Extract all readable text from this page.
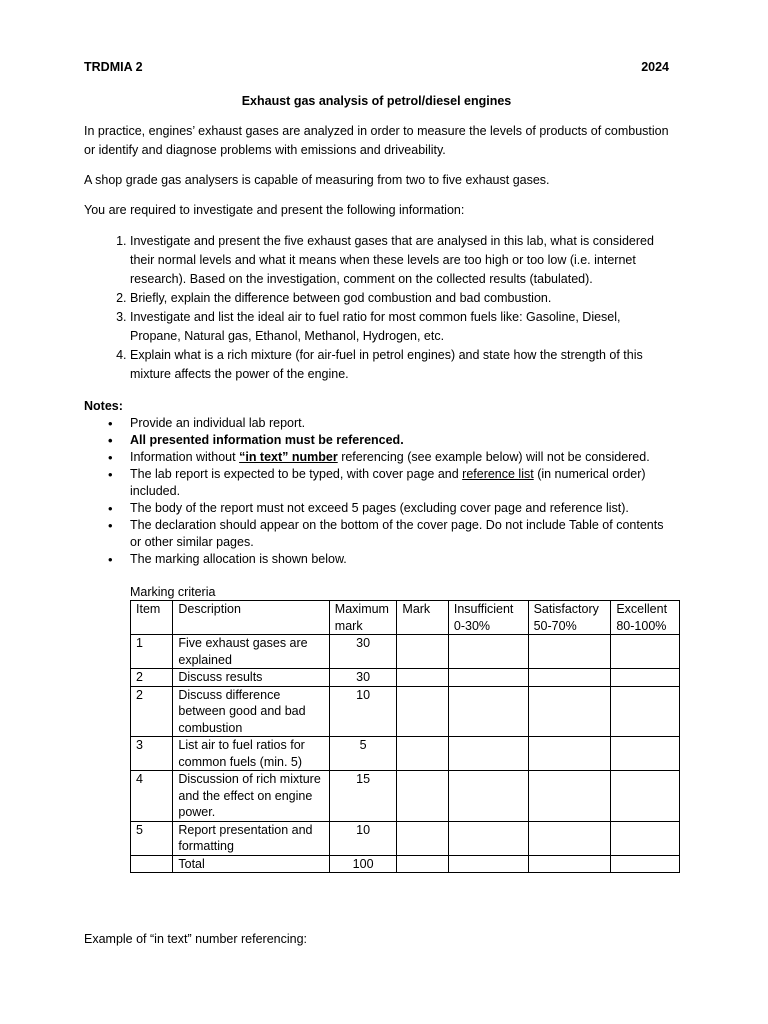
TRDMIA 2	2024
Exhaust gas analysis of petrol/diesel engines

In practice, engines’ exhaust gases are analyzed in order to measure the levels of products of combustion or identify and diagnose problems with emissions and driveability.

A shop grade gas analysers is capable of measuring from two to five exhaust gases.

You are required to investigate and present the following information:

1. Investigate and present the five exhaust gases that are analysed in this lab, what is considered their normal levels and what it means when these levels are too high or too low (i.e. internet research). Based on the investigation, comment on the collected results (tabulated).
2. Briefly, explain the difference between god combustion and bad combustion.
3. Investigate and list the ideal air to fuel ratio for most common fuels like: Gasoline, Diesel, Propane, Natural gas, Ethanol, Methanol, Hydrogen, etc.
4. Explain what is a rich mixture (for air-fuel in petrol engines) and state how the strength of this mixture affects the power of the engine.
Notes:
• Provide an individual lab report.
• All presented information must be referenced.
• Information without “in text” number referencing (see example below) will not be considered.
• The lab report is expected to be typed, with cover page and reference list (in numerical order) included.
• The body of the report must not exceed 5 pages (excluding cover page and reference list).
• The declaration should appear on the bottom of the cover page. Do not include Table of contents or other similar pages.
• The marking allocation is shown below.
Marking criteria
Item	Description	Maximum mark	Mark	Insufficient 0-30%	Satisfactory 50-70%	Excellent 80-100%
1	Five exhaust gases are explained	30				
2	Discuss results	30				
2	Discuss difference between good and bad combustion	10				
3	List air to fuel ratios for common fuels (min. 5)	5				
4	Discussion of rich mixture and the effect on engine power.	15				
5	Report presentation and formatting	10				
	Total	100				
Example of “in text” number referencing:
